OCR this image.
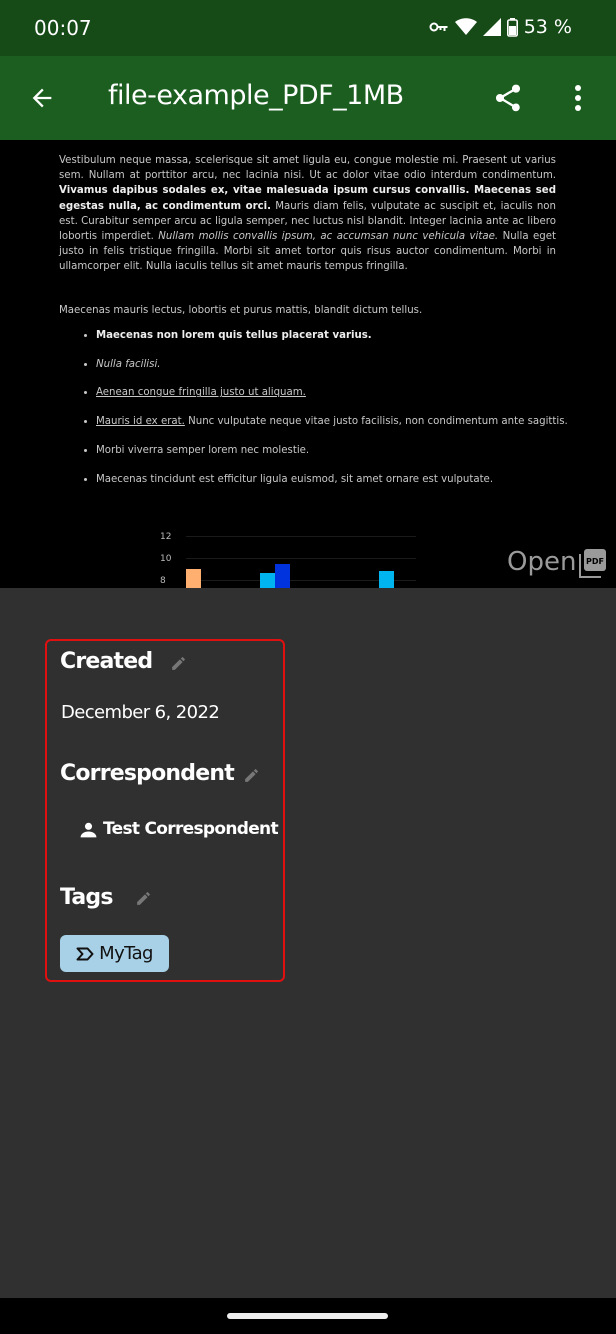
00:07	53 %
file-example_PDF_1MB
Vestibulum neque massa, scelerisque sit amet ligula eu, congue molestie mi. Praesent ut varius sem. Nullam at porttitor arcu, nec lacinia nisi. Ut ac dolor vitae odio interdum condimentum. Vivamus dapibus sodales ex, vitae malesuada ipsum cursus convallis. Maecenas sed egestas nulla, ac condimentum orci. Mauris diam felis, vulputate ac suscipit et, iaculis non est. Curabitur semper arcu ac ligula semper, nec luctus nisl blandit. Integer lacinia ante ac libero lobortis imperdiet. Nullam mollis convallis ipsum, ac accumsan nunc vehicula vitae. Nulla eget justo in felis tristique fringilla. Morbi sit amet tortor quis risus auctor condimentum. Morbi in ullamcorper elit. Nulla iaculis tellus sit amet mauris tempus fringilla.
Maecenas mauris lectus, lobortis et purus mattis, blandit dictum tellus.
• Maecenas non lorem quis tellus placerat varius.
• Nulla facilisi.
• Aenean congue fringilla justo ut aliquam.
• Mauris id ex erat. Nunc vulputate neque vitae justo facilisis, non condimentum ante sagittis.
• Morbi viverra semper lorem nec molestie.
• Maecenas tincidunt est efficitur ligula euismod, sit amet ornare est vulputate.
12
10
8
Open PDF
Created
December 6, 2022
Correspondent
Test Correspondent
Tags
MyTag
